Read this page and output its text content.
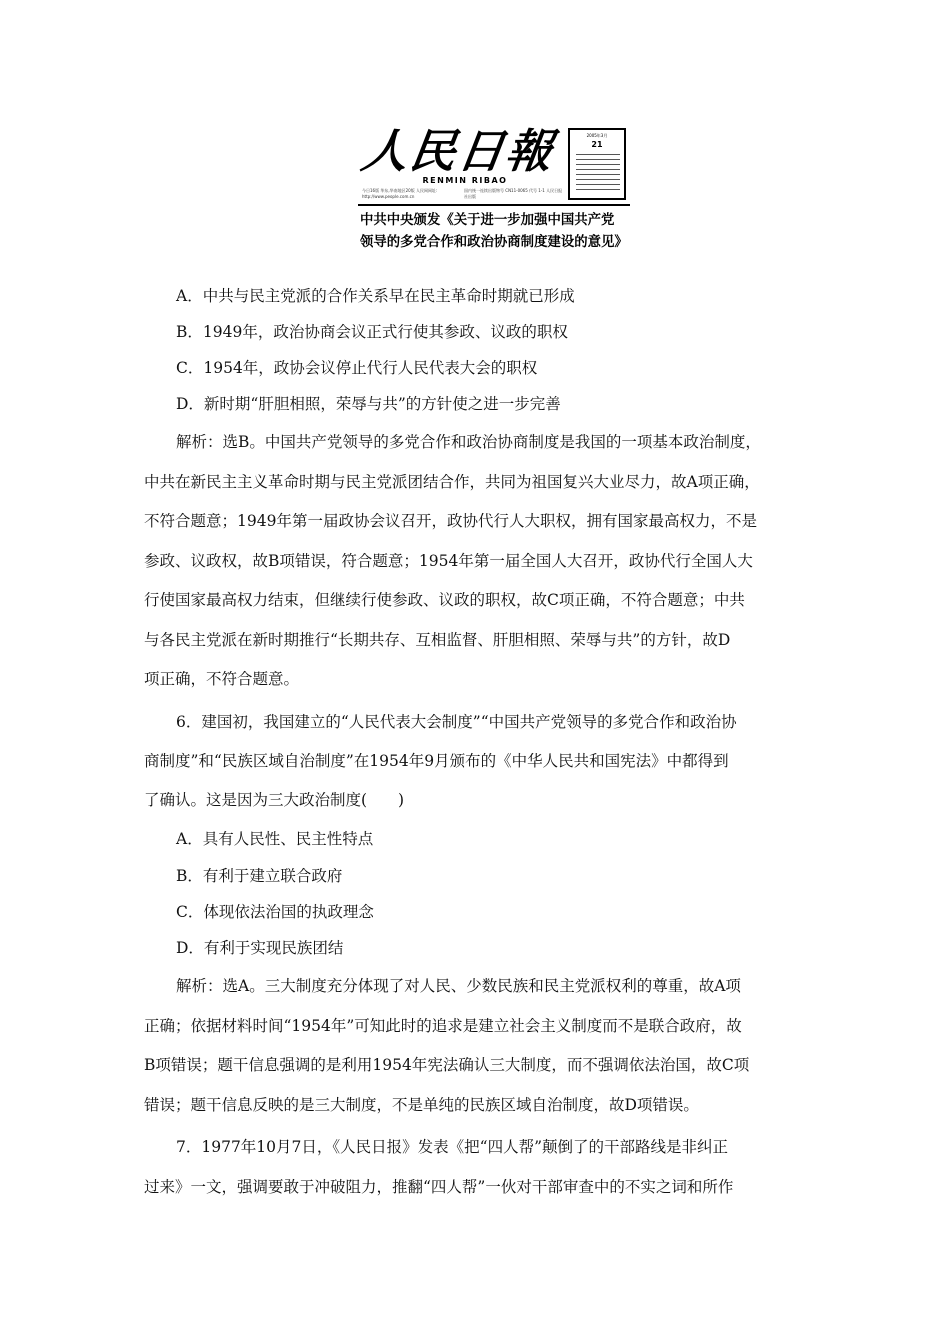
人民日報
RENMIN RIBAO
今日16版 华东,华南地区20版 人民网网址: http://www.people.com.cn
国内统一连续出版物号 CN11-0065 代号 1-1 人民日报社出版
2005年3月
21
中共中央颁发《关于进一步加强中国共产党
领导的多党合作和政治协商制度建设的意见》
A．中共与民主党派的合作关系早在民主革命时期就已形成
B．1949年，政治协商会议正式行使其参政、议政的职权
C．1954年，政协会议停止代行人民代表大会的职权
D．新时期“肝胆相照，荣辱与共”的方针使之进一步完善
解析：选B。中国共产党领导的多党合作和政治协商制度是我国的一项基本政治制度，
中共在新民主主义革命时期与民主党派团结合作，共同为祖国复兴大业尽力，故A项正确，
不符合题意；1949年第一届政协会议召开，政协代行人大职权，拥有国家最高权力，不是
参政、议政权，故B项错误，符合题意；1954年第一届全国人大召开，政协代行全国人大
行使国家最高权力结束，但继续行使参政、议政的职权，故C项正确，不符合题意；中共
与各民主党派在新时期推行“长期共存、互相监督、肝胆相照、荣辱与共”的方针，故D
项正确，不符合题意。
6．建国初，我国建立的“人民代表大会制度”“中国共产党领导的多党合作和政治协
商制度”和“民族区域自治制度”在1954年9月颁布的《中华人民共和国宪法》中都得到
了确认。这是因为三大政治制度(　　)
A．具有人民性、民主性特点
B．有利于建立联合政府
C．体现依法治国的执政理念
D．有利于实现民族团结
解析：选A。三大制度充分体现了对人民、少数民族和民主党派权利的尊重，故A项
正确；依据材料时间“1954年”可知此时的追求是建立社会主义制度而不是联合政府，故
B项错误；题干信息强调的是利用1954年宪法确认三大制度，而不强调依法治国，故C项
错误；题干信息反映的是三大制度，不是单纯的民族区域自治制度，故D项错误。
7．1977年10月7日，《人民日报》发表《把“四人帮”颠倒了的干部路线是非纠正
过来》一文，强调要敢于冲破阻力，推翻“四人帮”一伙对干部审查中的不实之词和所作
